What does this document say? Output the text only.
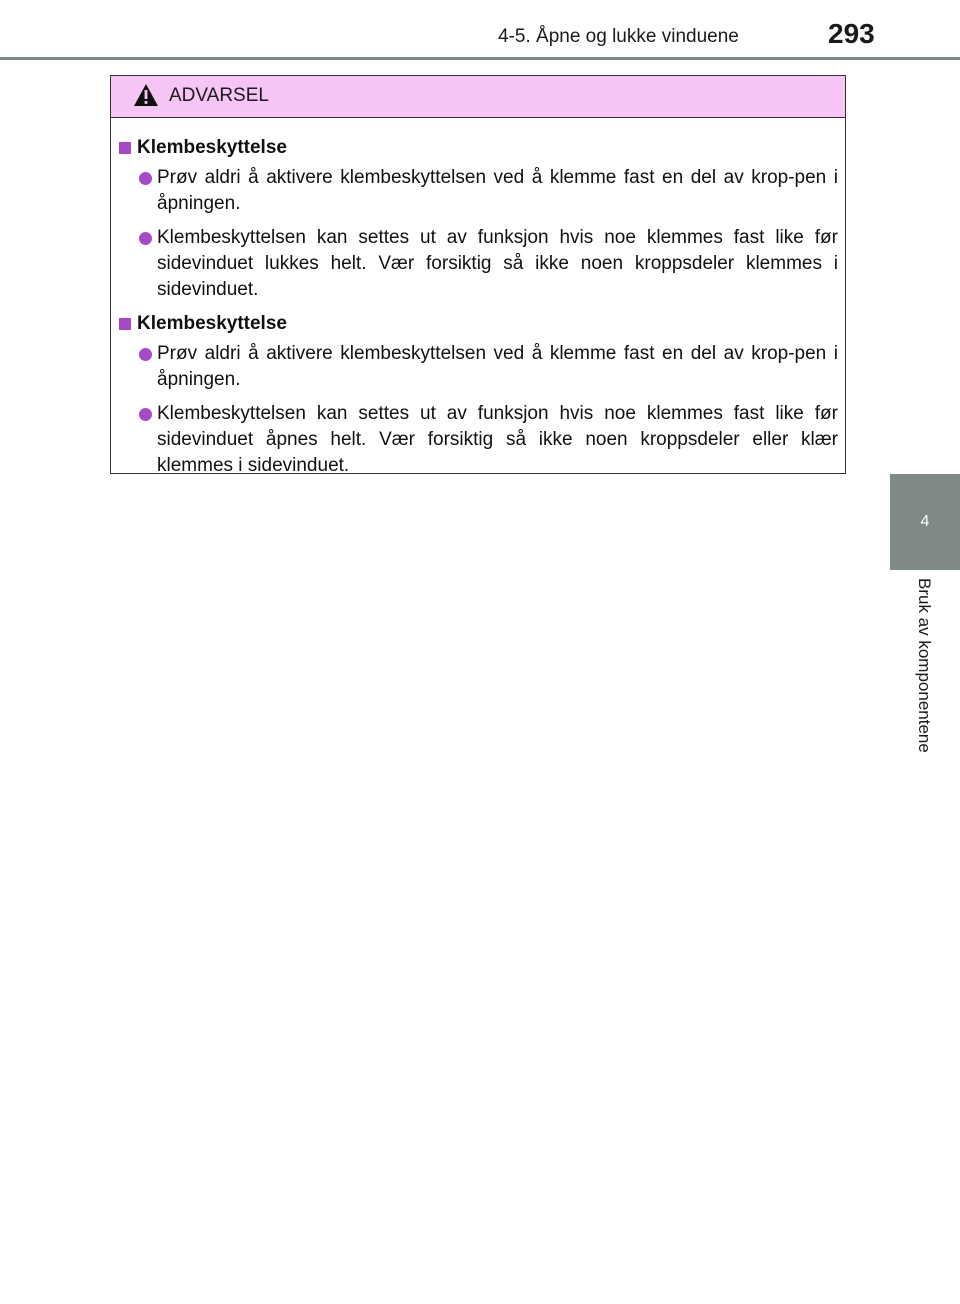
4-5. Åpne og lukke vinduene	293
4
Bruk av komponentene
ADVARSEL
Klembeskyttelse
Prøv aldri å aktivere klembeskyttelsen ved å klemme fast en del av krop-pen i åpningen.
Klembeskyttelsen kan settes ut av funksjon hvis noe klemmes fast like før sidevinduet lukkes helt. Vær forsiktig så ikke noen kroppsdeler klemmes i sidevinduet.
Klembeskyttelse
Prøv aldri å aktivere klembeskyttelsen ved å klemme fast en del av krop-pen i åpningen.
Klembeskyttelsen kan settes ut av funksjon hvis noe klemmes fast like før sidevinduet åpnes helt. Vær forsiktig så ikke noen kroppsdeler eller klær klemmes i sidevinduet.
